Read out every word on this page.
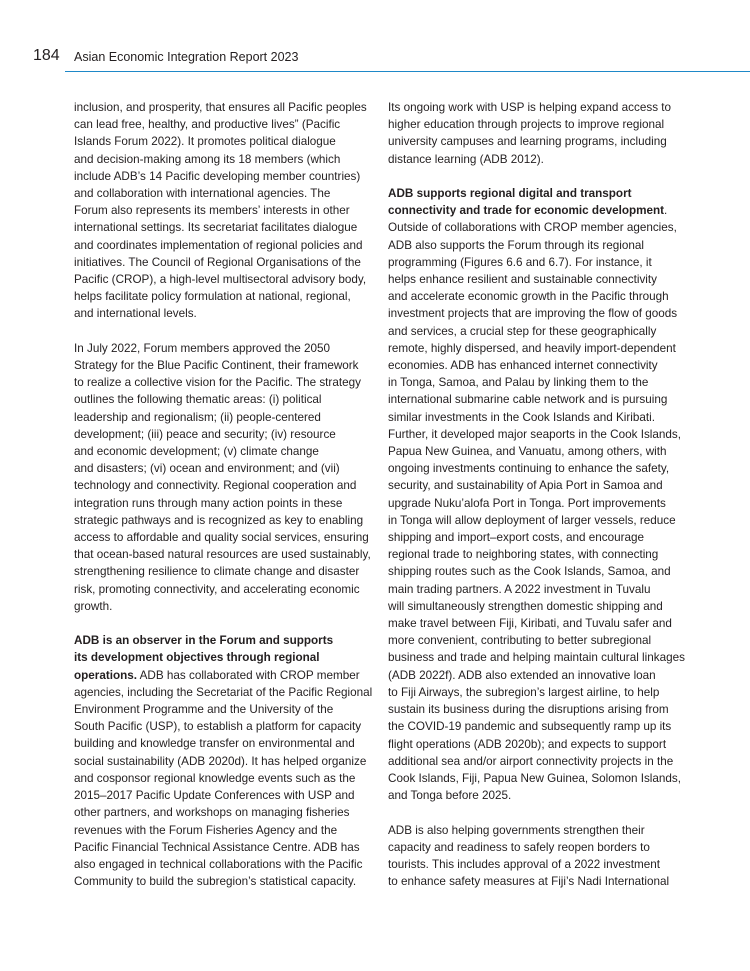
184 Asian Economic Integration Report 2023

inclusion, and prosperity, that ensures all Pacific peoples
can lead free, healthy, and productive lives” (Pacific
Islands Forum 2022). It promotes political dialogue
and decision-making among its 18 members (which
include ADB’s 14 Pacific developing member countries)
and collaboration with international agencies. The
Forum also represents its members’ interests in other
international settings. Its secretariat facilitates dialogue
and coordinates implementation of regional policies and
initiatives. The Council of Regional Organisations of the
Pacific (CROP), a high-level multisectoral advisory body,
helps facilitate policy formulation at national, regional,
and international levels.

In July 2022, Forum members approved the 2050
Strategy for the Blue Pacific Continent, their framework
to realize a collective vision for the Pacific. The strategy
outlines the following thematic areas: (i) political
leadership and regionalism; (ii) people-centered
development; (iii) peace and security; (iv) resource
and economic development; (v) climate change
and disasters; (vi) ocean and environment; and (vii)
technology and connectivity. Regional cooperation and
integration runs through many action points in these
strategic pathways and is recognized as key to enabling
access to affordable and quality social services, ensuring
that ocean-based natural resources are used sustainably,
strengthening resilience to climate change and disaster
risk, promoting connectivity, and accelerating economic
growth.

ADB is an observer in the Forum and supports
its development objectives through regional
operations. ADB has collaborated with CROP member
agencies, including the Secretariat of the Pacific Regional
Environment Programme and the University of the
South Pacific (USP), to establish a platform for capacity
building and knowledge transfer on environmental and
social sustainability (ADB 2020d). It has helped organize
and cosponsor regional knowledge events such as the
2015–2017 Pacific Update Conferences with USP and
other partners, and workshops on managing fisheries
revenues with the Forum Fisheries Agency and the
Pacific Financial Technical Assistance Centre. ADB has
also engaged in technical collaborations with the Pacific
Community to build the subregion’s statistical capacity.

Its ongoing work with USP is helping expand access to
higher education through projects to improve regional
university campuses and learning programs, including
distance learning (ADB 2012).

ADB supports regional digital and transport
connectivity and trade for economic development.
Outside of collaborations with CROP member agencies,
ADB also supports the Forum through its regional
programming (Figures 6.6 and 6.7). For instance, it
helps enhance resilient and sustainable connectivity
and accelerate economic growth in the Pacific through
investment projects that are improving the flow of goods
and services, a crucial step for these geographically
remote, highly dispersed, and heavily import-dependent
economies. ADB has enhanced internet connectivity
in Tonga, Samoa, and Palau by linking them to the
international submarine cable network and is pursuing
similar investments in the Cook Islands and Kiribati.
Further, it developed major seaports in the Cook Islands,
Papua New Guinea, and Vanuatu, among others, with
ongoing investments continuing to enhance the safety,
security, and sustainability of Apia Port in Samoa and
upgrade Nuku’alofa Port in Tonga. Port improvements
in Tonga will allow deployment of larger vessels, reduce
shipping and import–export costs, and encourage
regional trade to neighboring states, with connecting
shipping routes such as the Cook Islands, Samoa, and
main trading partners. A 2022 investment in Tuvalu
will simultaneously strengthen domestic shipping and
make travel between Fiji, Kiribati, and Tuvalu safer and
more convenient, contributing to better subregional
business and trade and helping maintain cultural linkages
(ADB 2022f). ADB also extended an innovative loan
to Fiji Airways, the subregion’s largest airline, to help
sustain its business during the disruptions arising from
the COVID-19 pandemic and subsequently ramp up its
flight operations (ADB 2020b); and expects to support
additional sea and/or airport connectivity projects in the
Cook Islands, Fiji, Papua New Guinea, Solomon Islands,
and Tonga before 2025.

ADB is also helping governments strengthen their
capacity and readiness to safely reopen borders to
tourists. This includes approval of a 2022 investment
to enhance safety measures at Fiji’s Nadi International
